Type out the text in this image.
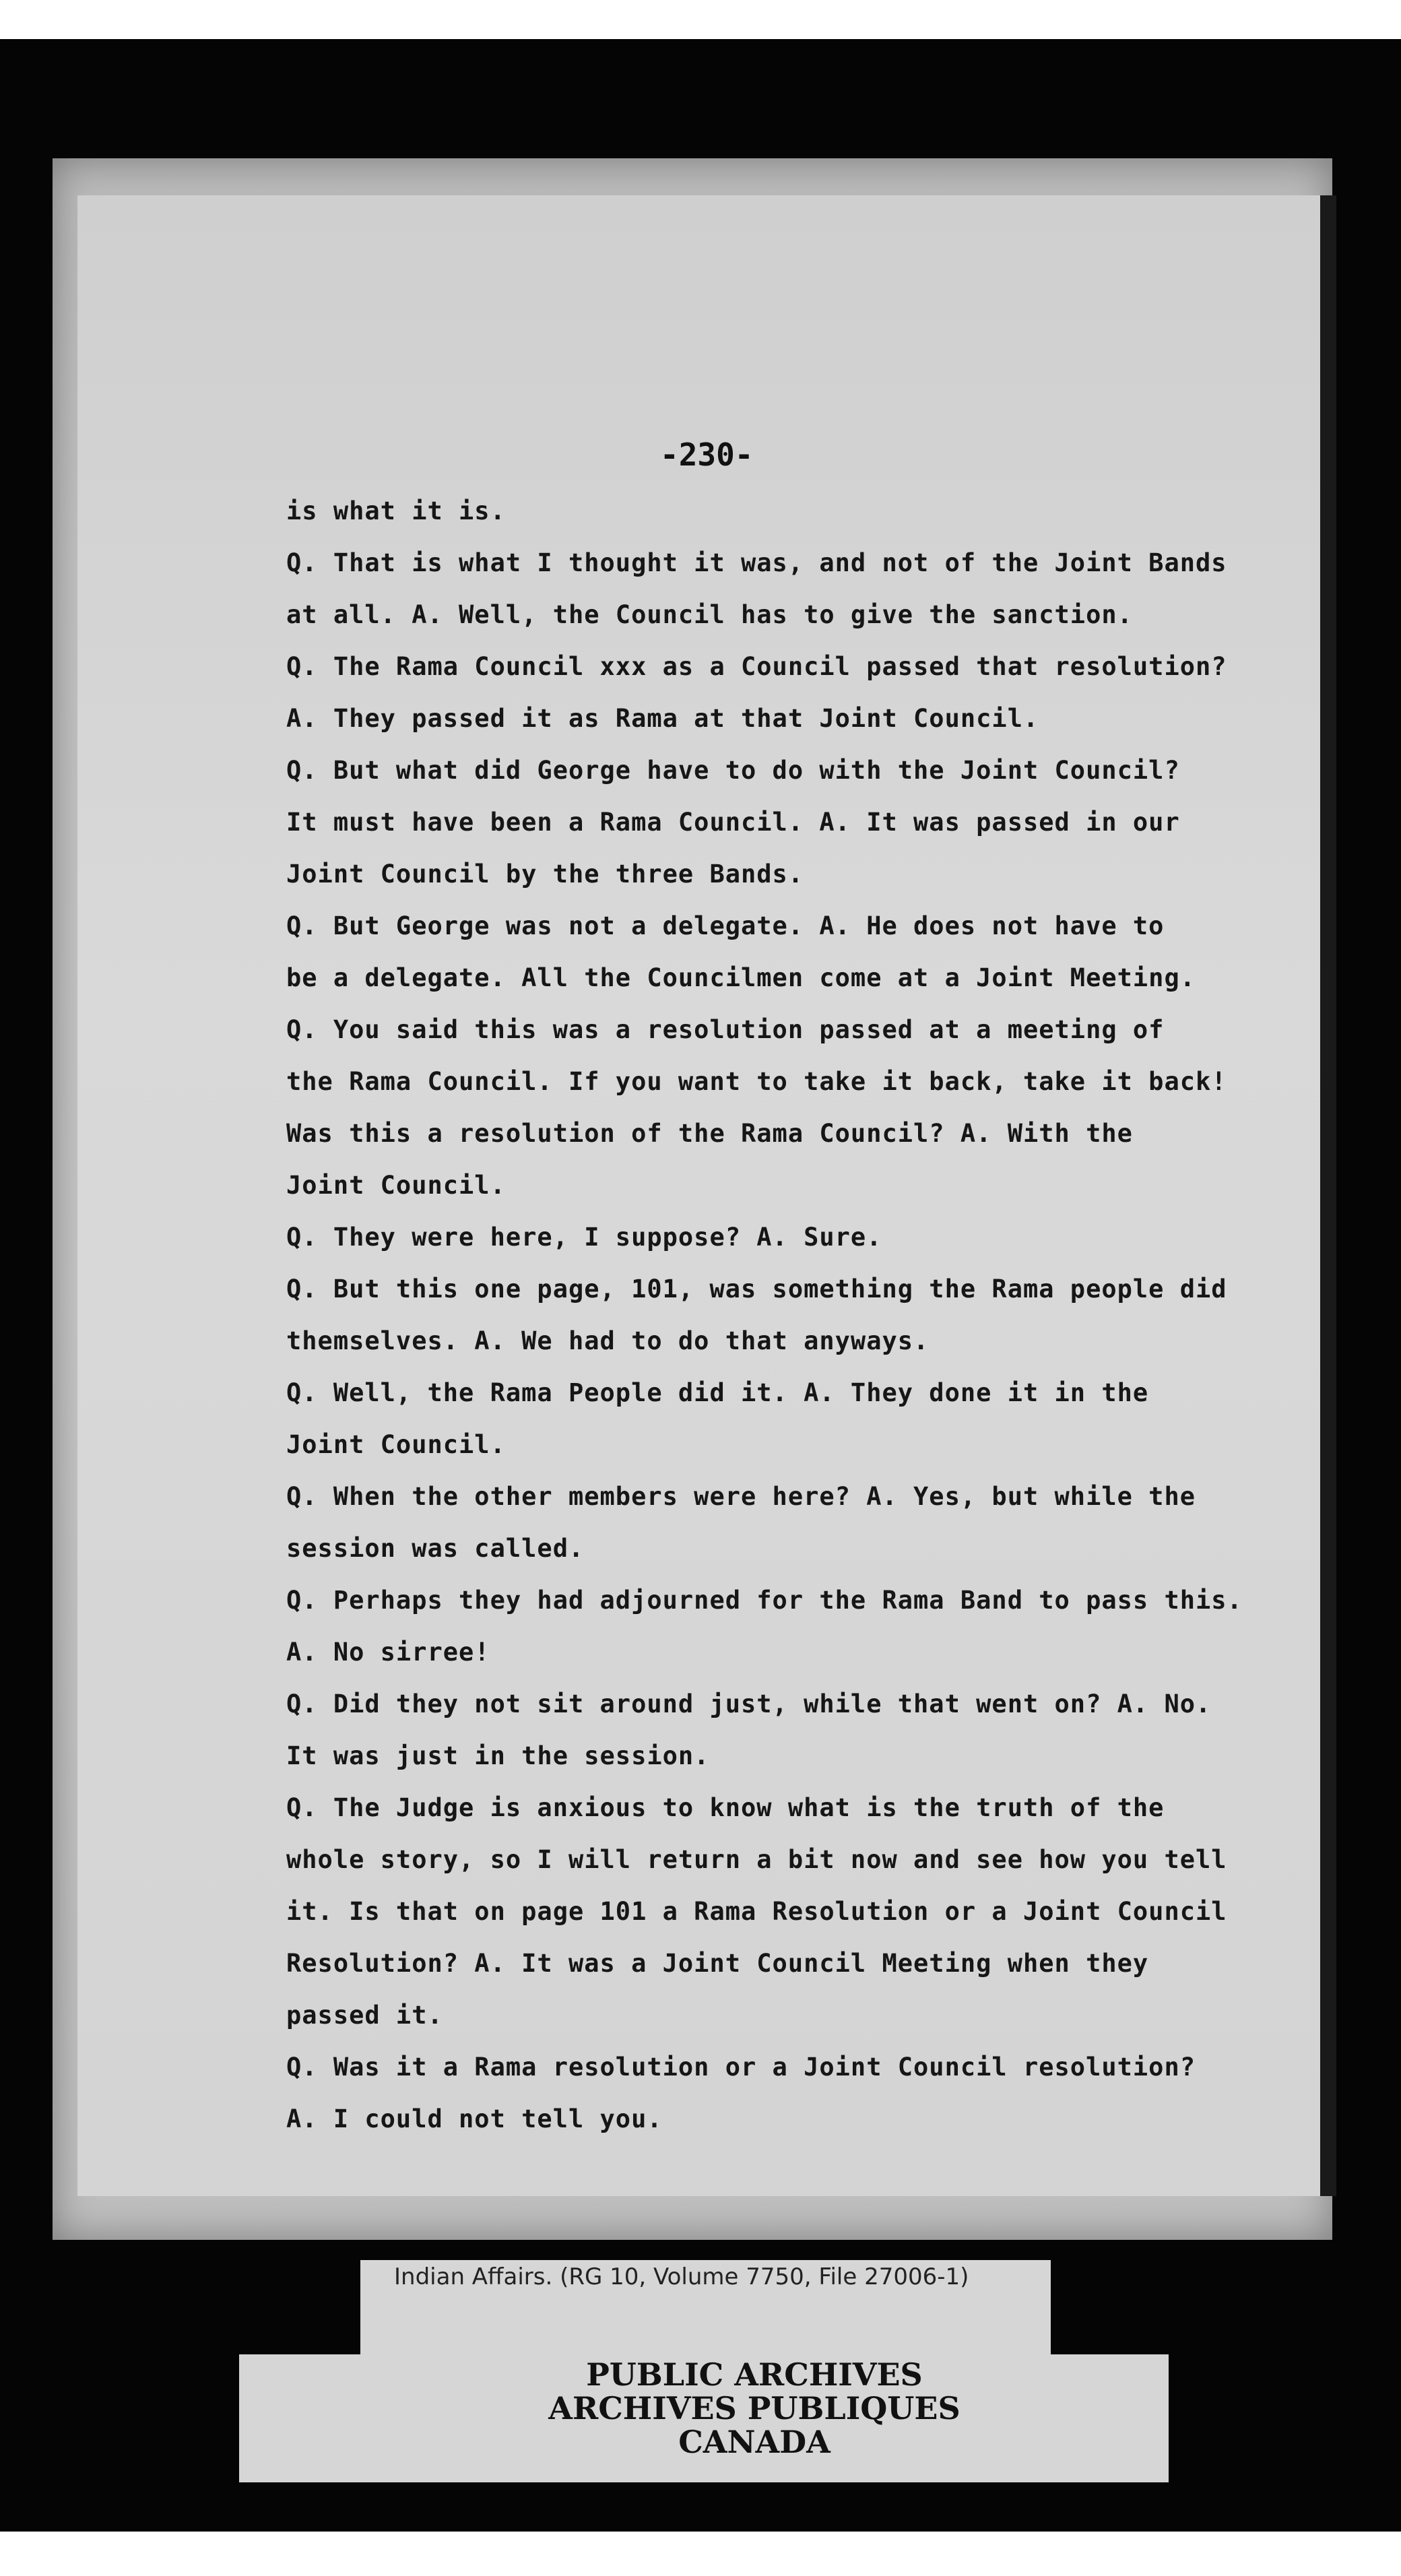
-230-
is what it is.
Q. That is what I thought it was, and not of the Joint Bands
at all. A. Well, the Council has to give the sanction.
Q. The Rama Council xxx as a Council passed that resolution?
A. They passed it as Rama at that Joint Council.
Q. But what did George have to do with the Joint Council?
It must have been a Rama Council. A. It was passed in our
Joint Council by the three Bands.
Q. But George was not a delegate. A. He does not have to
be a delegate. All the Councilmen come at a Joint Meeting.
Q. You said this was a resolution passed at a meeting of
the Rama Council. If you want to take it back, take it back!
Was this a resolution of the Rama Council? A. With the
Joint Council.
Q. They were here, I suppose? A. Sure.
Q. But this one page, 101, was something the Rama people did
themselves. A. We had to do that anyways.
Q. Well, the Rama People did it. A. They done it in the
Joint Council.
Q. When the other members were here? A. Yes, but while the
session was called.
Q. Perhaps they had adjourned for the Rama Band to pass this.
A. No sirree!
Q. Did they not sit around just, while that went on? A. No.
It was just in the session.
Q. The Judge is anxious to know what is the truth of the
whole story, so I will return a bit now and see how you tell
it. Is that on page 101 a Rama Resolution or a Joint Council
Resolution? A. It was a Joint Council Meeting when they
passed it.
Q. Was it a Rama resolution or a Joint Council resolution?
A. I could not tell you.
Indian Affairs. (RG 10, Volume 7750, File 27006-1)
PUBLIC ARCHIVES
ARCHIVES PUBLIQUES
CANADA
